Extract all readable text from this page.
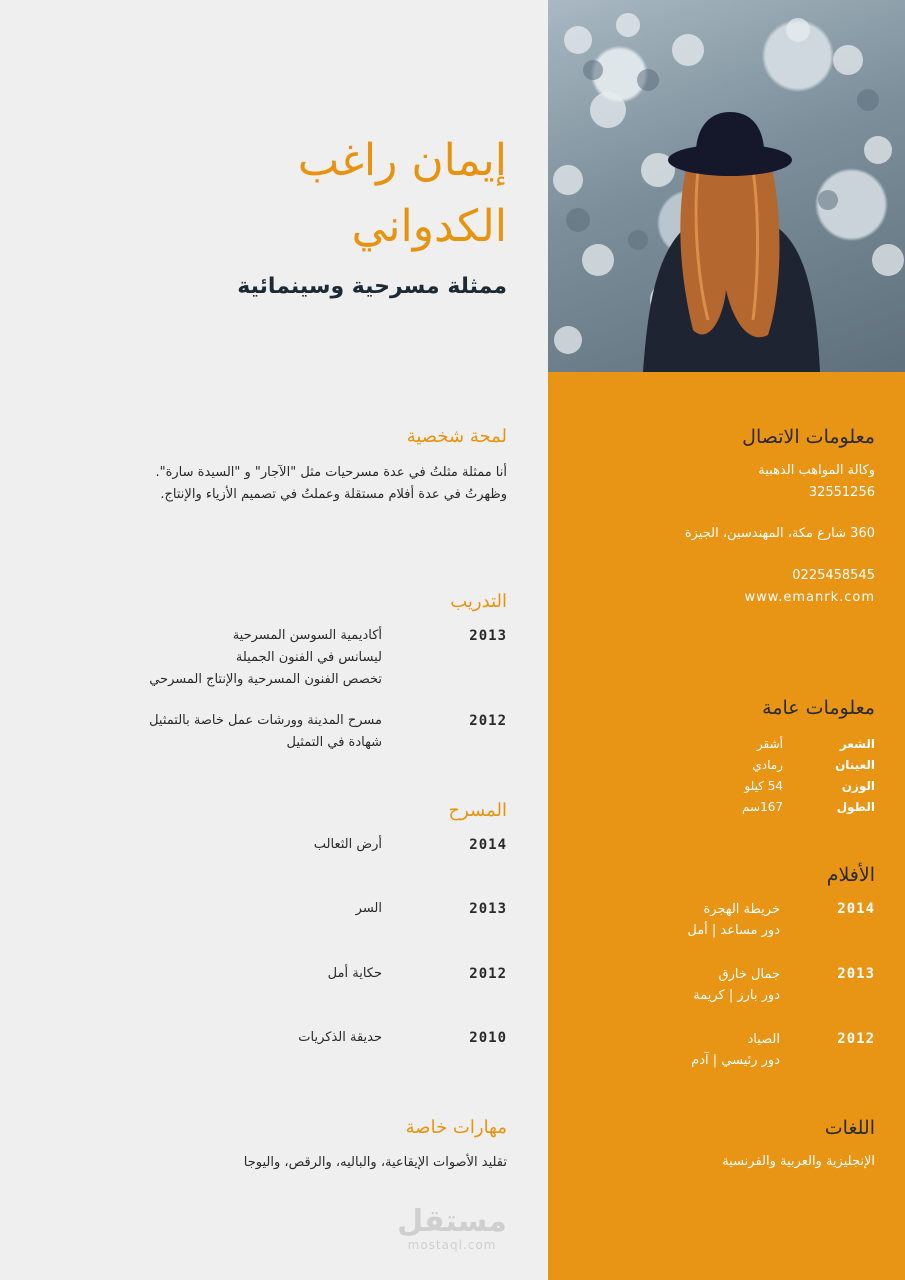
إيمان راغب
الكدواني
ممثلة مسرحية وسينمائية
لمحة شخصية
أنا ممثلة مثلتُ في عدة مسرحيات مثل "الآجار" و "السيدة سارة".
وظهرتُ في عدة أفلام مستقلة وعملتُ في تصميم الأزياء والإنتاج.
التدريب
2013
أكاديمية السوسن المسرحية
ليسانس في الفنون الجميلة
تخصص الفنون المسرحية والإنتاج المسرحي
2012
مسرح المدينة وورشات عمل خاصة بالتمثيل
شهادة في التمثيل
المسرح
2014
أرض الثعالب
2013
السر
2012
حكاية أمل
2010
حديقة الذكريات
مهارات خاصة
تقليد الأصوات الإيقاعية، والباليه، والرقص، واليوجا
مستقل
mostaql.com
معلومات الاتصال
وكالة المواهب الذهبية
32551256
360 شارع مكة، المهندسين، الجيزة
0225458545
www.emanrk.com
معلومات عامة
الشعر
أشقر
العينان
رمادي
الوزن
54 كيلو
الطول
167سم
الأفلام
2014
خريطة الهجرة
دور مساعد | أمل
2013
جمال خارق
دور بارز | كريمة
2012
الصياد
دور رئيسي | آدم
اللغات
الإنجليزية والعربية والفرنسية
